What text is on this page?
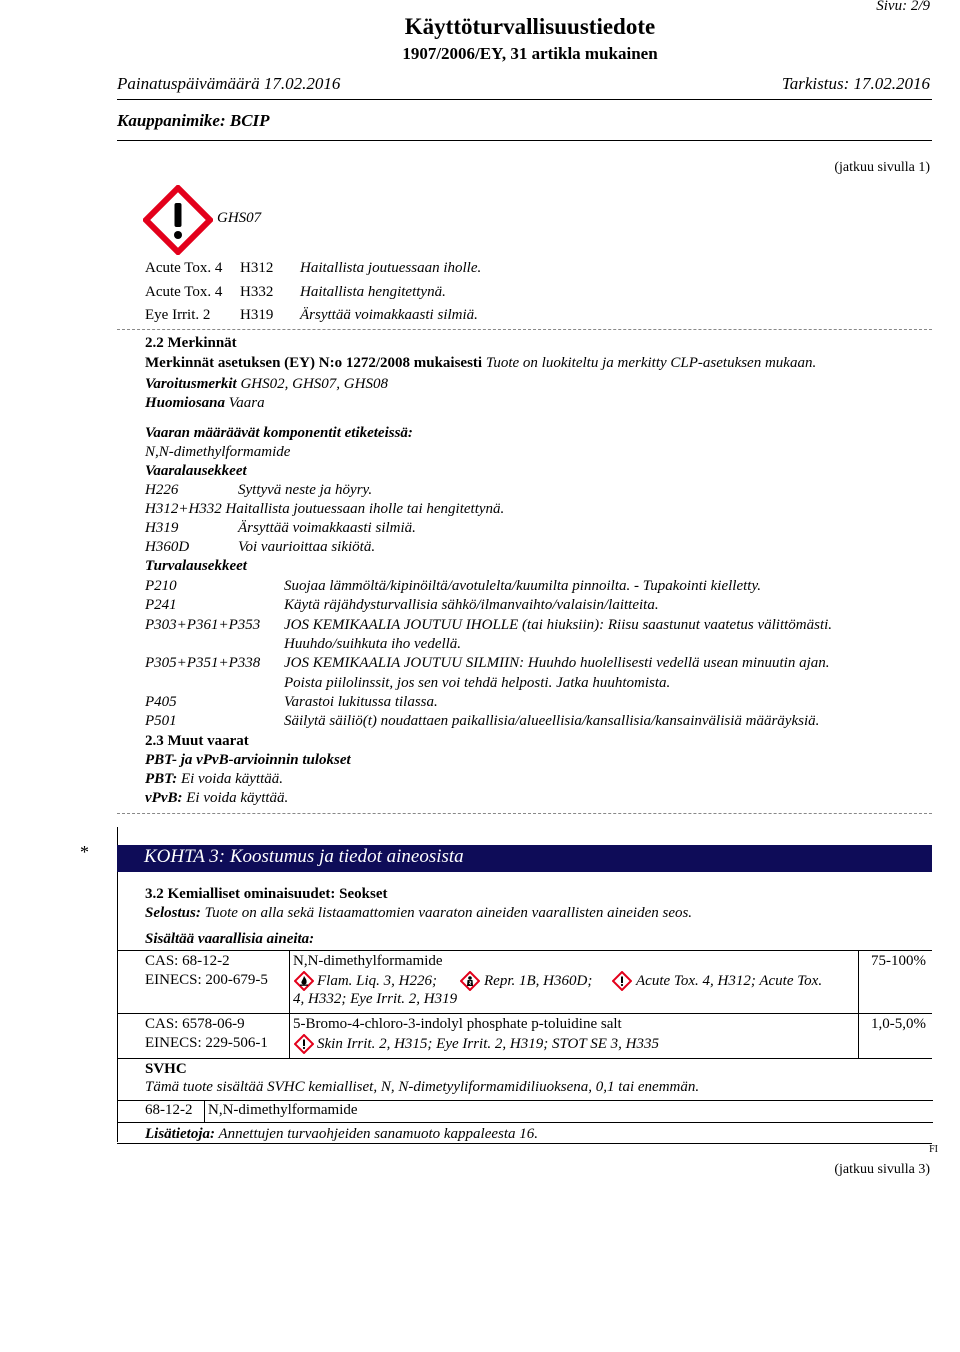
Sivu: 2/9
Käyttöturvallisuustiedote
1907/2006/EY, 31 artikla mukainen
Painatuspäivämäärä 17.02.2016	Tarkistus: 17.02.2016
Kauppanimike: BCIP
(jatkuu sivulla 1)
GHS07
Acute Tox. 4 H312 Haitallista joutuessaan iholle.
Acute Tox. 4 H332 Haitallista hengitettynä.
Eye Irrit. 2 H319 Ärsyttää voimakkaasti silmiä.
2.2 Merkinnät
Merkinnät asetuksen (EY) N:o 1272/2008 mukaisesti Tuote on luokiteltu ja merkitty CLP-asetuksen mukaan.
Varoitusmerkit GHS02, GHS07, GHS08
Huomiosana Vaara
Vaaran määräävät komponentit etiketeissä:
N,N-dimethylformamide
Vaaralausekkeet
H226	Syttyvä neste ja höyry.
H312+H332 Haitallista joutuessaan iholle tai hengitettynä.
H319	Ärsyttää voimakkaasti silmiä.
H360D	Voi vaurioittaa sikiötä.
Turvalausekkeet
P210	Suojaa lämmöltä/kipinöiltä/avotulelta/kuumilta pinnoilta. - Tupakointi kielletty.
P241	Käytä räjähdysturvallisia sähkö/ilmanvaihto/valaisin/laitteita.
P303+P361+P353 JOS KEMIKAALIA JOUTUU IHOLLE (tai hiuksiin): Riisu saastunut vaatetus välittömästi.
Huuhdo/suihkuta iho vedellä.
P305+P351+P338 JOS KEMIKAALIA JOUTUU SILMIIN: Huuhdo huolellisesti vedellä usean minuutin ajan.
Poista piilolinssit, jos sen voi tehdä helposti. Jatka huuhtomista.
P405	Varastoi lukitussa tilassa.
P501	Säilytä säiliö(t) noudattaen paikallisia/alueellisia/kansallisia/kansainvälisiä määräyksiä.
2.3 Muut vaarat
PBT- ja vPvB-arvioinnin tulokset
PBT: Ei voida käyttää.
vPvB: Ei voida käyttää.
*	KOHTA 3: Koostumus ja tiedot aineosista
3.2 Kemialliset ominaisuudet: Seokset
Selostus: Tuote on alla sekä listaamattomien vaaraton aineiden vaarallisten aineiden seos.
Sisältää vaarallisia aineita:
CAS: 68-12-2
EINECS: 200-679-5
N,N-dimethylformamide
Flam. Liq. 3, H226;	Repr. 1B, H360D;	Acute Tox. 4, H312; Acute Tox.
4, H332; Eye Irrit. 2, H319
75-100%
CAS: 6578-06-9
EINECS: 229-506-1
5-Bromo-4-chloro-3-indolyl phosphate p-toluidine salt
Skin Irrit. 2, H315; Eye Irrit. 2, H319; STOT SE 3, H335
1,0-5,0%
SVHC
Tämä tuote sisältää SVHC kemialliset, N, N-dimetyyliformamidiliuoksena, 0,1 tai enemmän.
68-12-2 N,N-dimethylformamide
Lisätietoja: Annettujen turvaohjeiden sanamuoto kappaleesta 16.
FI
(jatkuu sivulla 3)
